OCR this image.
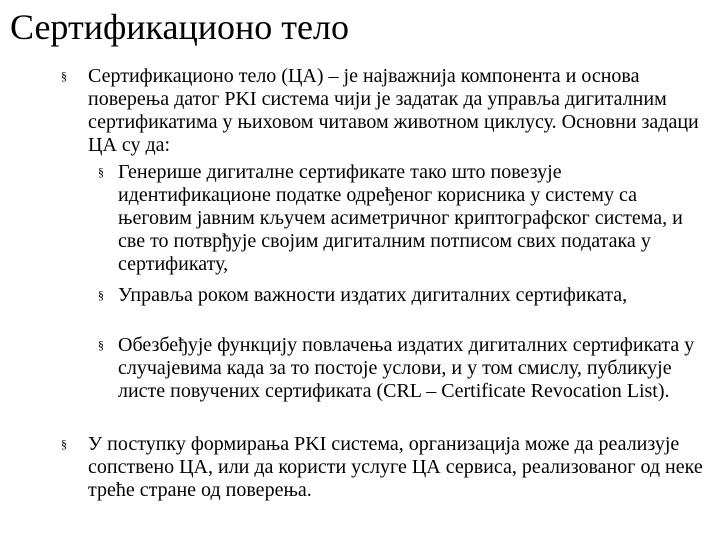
Сертификационо тело
§ Сертификационо тело (ЦА) – је најважнија компонента и основа поверења датог PKI система чији је задатак да управља дигиталним сертификатима у њиховом читавом животном циклусу. Основни задаци ЦА су да:
§ Генерише дигиталне сертификате тако што повезује идентификационе податке одређеног корисника у систему са његовим јавним кључем асиметричног криптографског система, и све то потврђује својим дигиталним потписом свих података у сертификату,
§ Управља роком важности издатих дигиталних сертификата,
§ Обезбеђује функцију повлачења издатих дигиталних сертификата у случајевима када за то постоје услови, и у том смислу, публикује листе повучених сертификата (CRL – Certificate Revocation List).
§ У поступку формирања PKI система, организација може да реализује сопствено ЦА, или да користи услуге ЦА сервиса, реализованог од неке треће стране од поверења.
